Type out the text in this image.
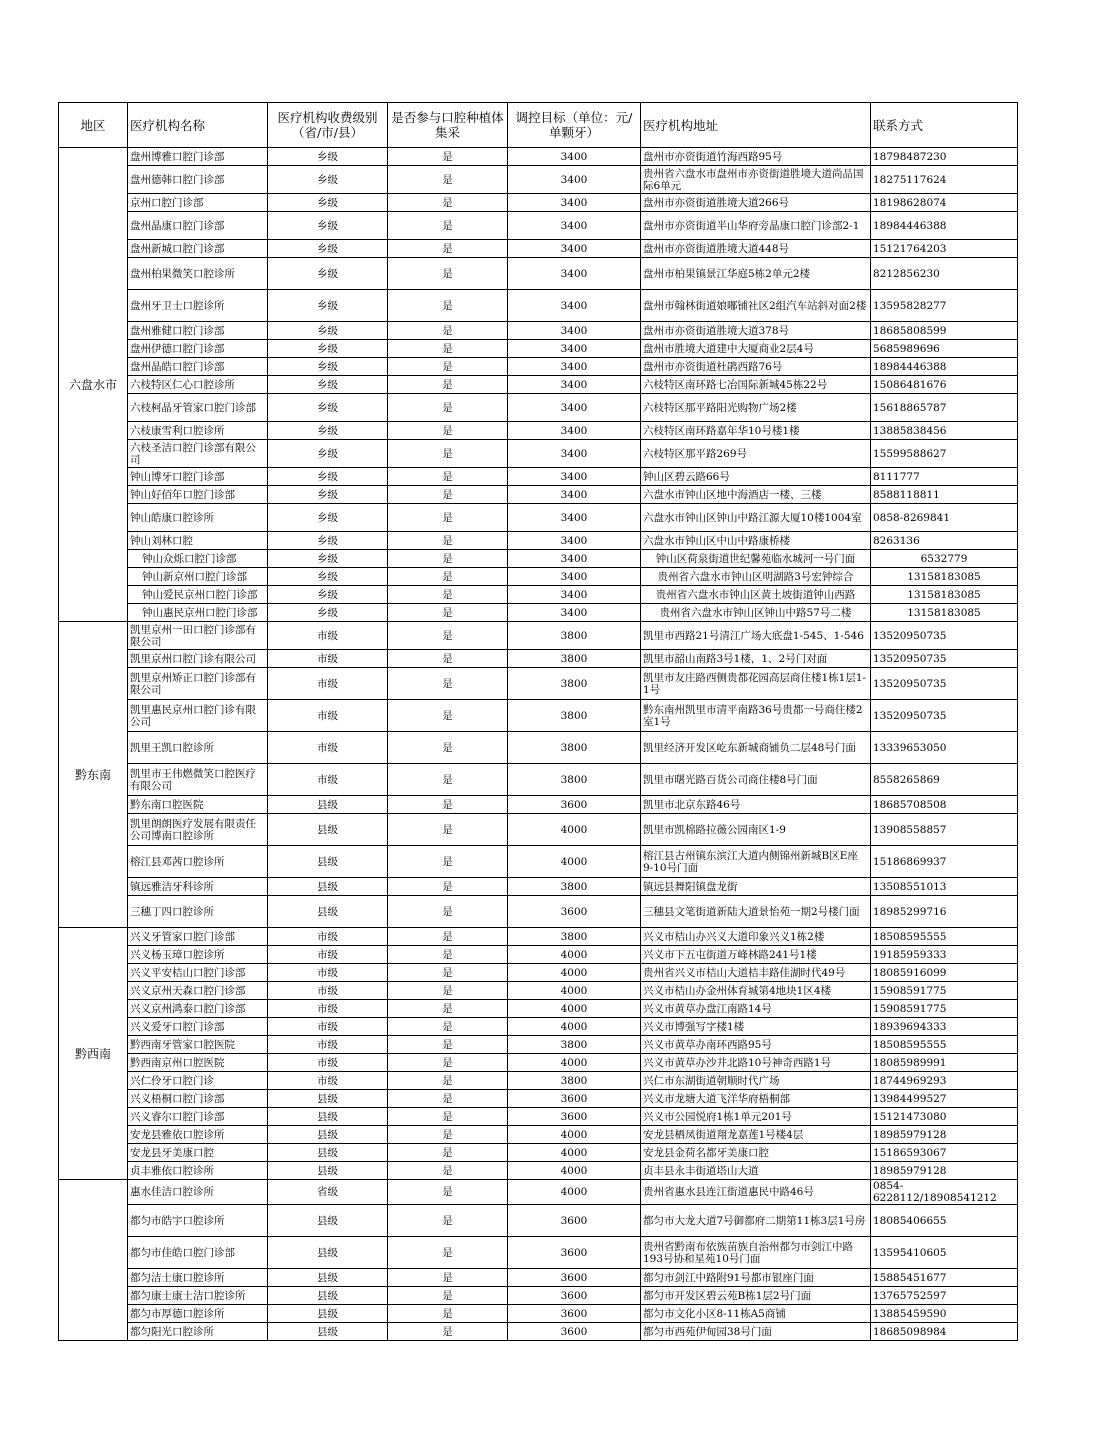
地区	医疗机构名称	医疗机构收费级别（省/市/县）	是否参与口腔种植体集采	调控目标（单位：元/单颗牙）	医疗机构地址	联系方式
六盘水市	盘州博雅口腔门诊部	乡级	是	3400	盘州市亦资街道竹海西路95号	18798487230

	盘州德韩口腔门诊部	乡级	是	3400	贵州省六盘水市盘州市亦资街道胜境大道尚品国际6单元	18275117624

	京州口腔门诊部	乡级	是	3400	盘州市亦资街道胜境大道266号	18198628074

	盘州晶康口腔门诊部	乡级	是	3400	盘州市亦资街道半山华府旁晶康口腔门诊部2-1	18984446388

	盘州新城口腔门诊部	乡级	是	3400	盘州市亦资街道胜境大道448号	15121764203

	盘州柏果微笑口腔诊所	乡级	是	3400	盘州市柏果镇景江华庭5栋2单元2楼	8212856230

	盘州牙卫士口腔诊所	乡级	是	3400	盘州市翰林街道娘嘟铺社区2组汽车站斜对面2楼	13595828277

	盘州雅健口腔门诊部	乡级	是	3400	盘州市亦资街道胜境大道378号	18685808599

	盘州伊德口腔门诊部	乡级	是	3400	盘州市胜境大道建中大厦商业2层4号	5685989696

	盘州晶皓口腔门诊部	乡级	是	3400	盘州市亦资街道杜鹃西路76号	18984446388

	六枝特区仁心口腔诊所	乡级	是	3400	六枝特区南环路七冶国际新城45栋22号	15086481676

	六枝柯晶牙管家口腔门诊部	乡级	是	3400	六枝特区那平路阳光购物广场2楼	15618865787

	六枝康雪利口腔诊所	乡级	是	3400	六枝特区南环路嘉年华10号楼1楼	13885838456

	六枝圣洁口腔门诊部有限公司	乡级	是	3400	六枝特区那平路269号	15599588627

	钟山博牙口腔门诊部	乡级	是	3400	钟山区碧云路66号	8111777

	钟山好佰年口腔门诊部	乡级	是	3400	六盘水市钟山区地中海酒店一楼、三楼	8588118811

	钟山皓康口腔诊所	乡级	是	3400	六盘水市钟山区钟山中路江源大厦10楼1004室	0858-8269841

	钟山刘林口腔	乡级	是	3400	六盘水市钟山区中山中路康桥楼	8263136

	钟山众烁口腔门诊部	乡级	是	3400	钟山区荷泉街道世纪馨苑临水城河一号门面	6532779

	钟山新京州口腔门诊部	乡级	是	3400	贵州省六盘水市钟山区明湖路3号宏钟综合	13158183085

	钟山爱民京州口腔门诊部	乡级	是	3400	贵州省六盘水市钟山区黄土坡街道钟山西路	13158183085

	钟山惠民京州口腔门诊部	乡级	是	3400	贵州省六盘水市钟山区钟山中路57号二楼	13158183085

黔东南	凯里京州一田口腔门诊部有限公司	市级	是	3800	凯里市西路21号清江广场大底盘1-545、1-546	13520950735

	凯里京州口腔门诊有限公司	市级	是	3800	凯里市韶山南路3号1楼，1、2号门对面	13520950735

	凯里京州矫正口腔门诊部有限公司	市级	是	3800	凯里市友庄路西侧贵都花园高层商住楼1栋1层1-1号	13520950735

	凯里惠民京州口腔门诊有限公司	市级	是	3800	黔东南州凯里市清平南路36号贵都一号商住楼2室1号	13520950735

	凯里王凯口腔诊所	市级	是	3800	凯里经济开发区屹东新城商铺负二层48号门面	13339653050

	凯里市王伟燃微笑口腔医疗有限公司	市级	是	3800	凯里市曙光路百货公司商住楼8号门面	8558265869

	黔东南口腔医院	县级	是	3600	凯里市北京东路46号	18685708508

	凯里朗朗医疗发展有限责任公司博南口腔诊所	县级	是	4000	凯里市凯棉路拉薇公园南区1-9	13908558857

	榕江县邓茜口腔诊所	县级	是	4000	榕江县古州镇东滨江大道内侧锦州新城B区E座9-10号门面	15186869937

	镇远雅洁牙科诊所	县级	是	3800	镇远县舞阳镇盘龙街	13508551013

	三穗丁四口腔诊所	县级	是	3600	三穗县文笔街道新陆大道景怡苑一期2号楼门面	18985299716

黔西南	兴义牙管家口腔门诊部	市级	是	3800	兴义市桔山办兴义大道印象兴义1栋2楼	18508595555

	兴义杨玉璋口腔诊所	市级	是	4000	兴义市下五屯街道万峰林路241号1楼	19185959333

	兴义平安桔山口腔门诊部	市级	是	4000	贵州省兴义市桔山大道桔丰路佳湖时代49号	18085916099

	兴义京州天森口腔门诊部	市级	是	4000	兴义市桔山办金州体育城第4地块1区4楼	15908591775

	兴义京州鸿泰口腔门诊部	市级	是	4000	兴义市黄草办盘江南路14号	15908591775

	兴义爱牙口腔门诊部	市级	是	4000	兴义市博强写字楼1楼	18939694333

	黔西南牙管家口腔医院	市级	是	3800	兴义市黄草办南环西路95号	18508595555

	黔西南京州口腔医院	市级	是	4000	兴义市黄草办沙井北路10号神奇西路1号	18085989991

	兴仁伶牙口腔门诊	市级	是	3800	兴仁市东湖街道朝顺时代广场	18744969293

	兴义梧桐口腔门诊部	县级	是	3600	兴义市龙塘大道飞洋华府梧桐部	13984499527

	兴义睿尔口腔门诊部	县级	是	3600	兴义市公园悦府1栋1单元201号	15121473080

	安龙县雅依口腔诊所	县级	是	4000	安龙县栖凤街道翔龙嘉莲1号楼4层	18985979128

	安龙县牙美康口腔	县级	是	4000	安龙县金荷名都牙美康口腔	15186593067

	贞丰雅依口腔诊所	县级	是	4000	贞丰县永丰街道塔山大道	18985979128

	惠水佳洁口腔诊所	省级	是	4000	贵州省惠水县连江街道惠民中路46号	0854-6228112/18908541212

	都匀市皓宇口腔诊所	县级	是	3600	都匀市大龙大道7号御都府二期第11栋3层1号房	18085406655

	都匀市佳皓口腔门诊部	县级	是	3600	贵州省黔南布依族苗族自治州都匀市剑江中路193号协和星苑10号门面	13595410605

	都匀洁士康口腔诊所	县级	是	3600	都匀市剑江中路附91号都市银座门面	15885451677

	都匀康士康士洁口腔诊所	县级	是	3600	都匀市开发区碧云苑B栋1层2号门面	13765752597

	都匀市厚德口腔诊所	县级	是	3600	都匀市文化小区8-11栋A5商铺	13885459590

	都匀阳光口腔诊所	县级	是	3600	都匀市西苑伊甸园38号门面	18685098984
